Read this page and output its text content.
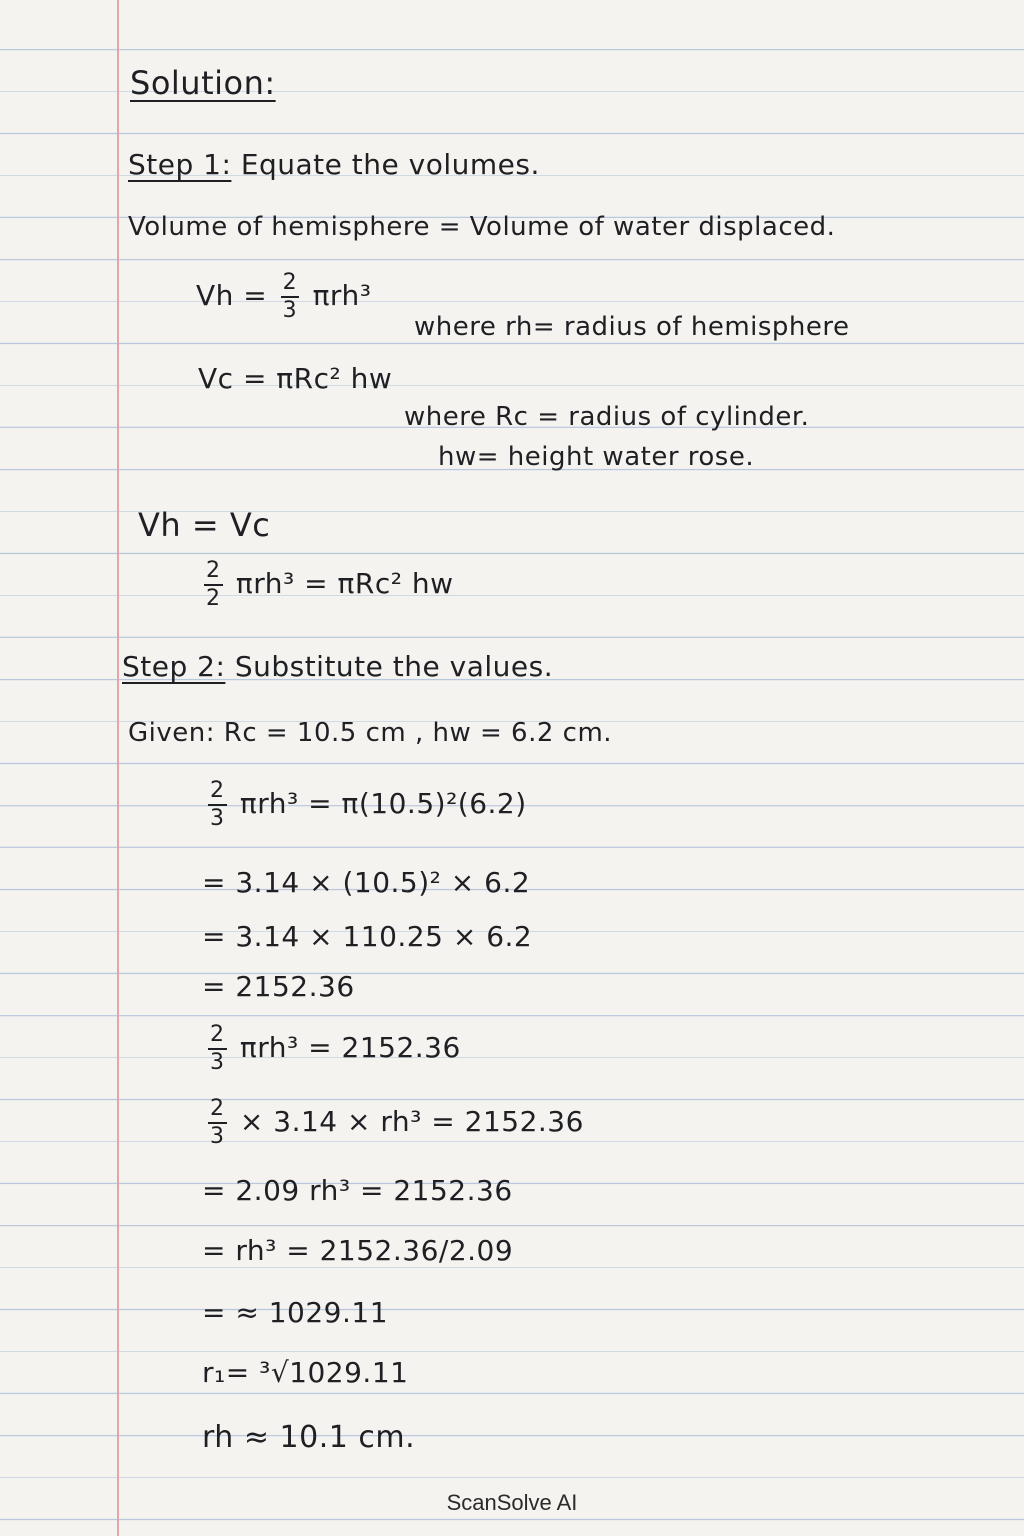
Solution:
Step 1: Equate the volumes.
Volume of hemisphere = Volume of water displaced.
$Vh = \frac{2}{3} \pi rh^3$
where rh= radius of hemisphere
Vc = πRc² hw
where Rc = radius of cylinder.
hw= height water rose.
Vh = Vc
$\frac{2}{2} \pi rh^3 = \pi Rc^2$ hw
Step 2: Substitute the values.
Given: Rc = 10.5 cm , hw = 6.2 cm.
$\frac{2}{3} \pi rh^3 = \pi(10.5)^2(6.2)$
= 3.14 × (10.5)² × 6.2
= 3.14 × 110.25 × 6.2
= 2152.36
$\frac{2}{3} \pi rh^3 = 2152.36$
$\frac{2}{3} \times 3.14 \times rh^3 = 2152.36$
= 2.09 rh³ = 2152.36
= rh³ = 2152.36/2.09
= ≈ 1029.11
r₁= ³√1029.11
rh ≈ 10.1 cm.
ScanSolve AI
